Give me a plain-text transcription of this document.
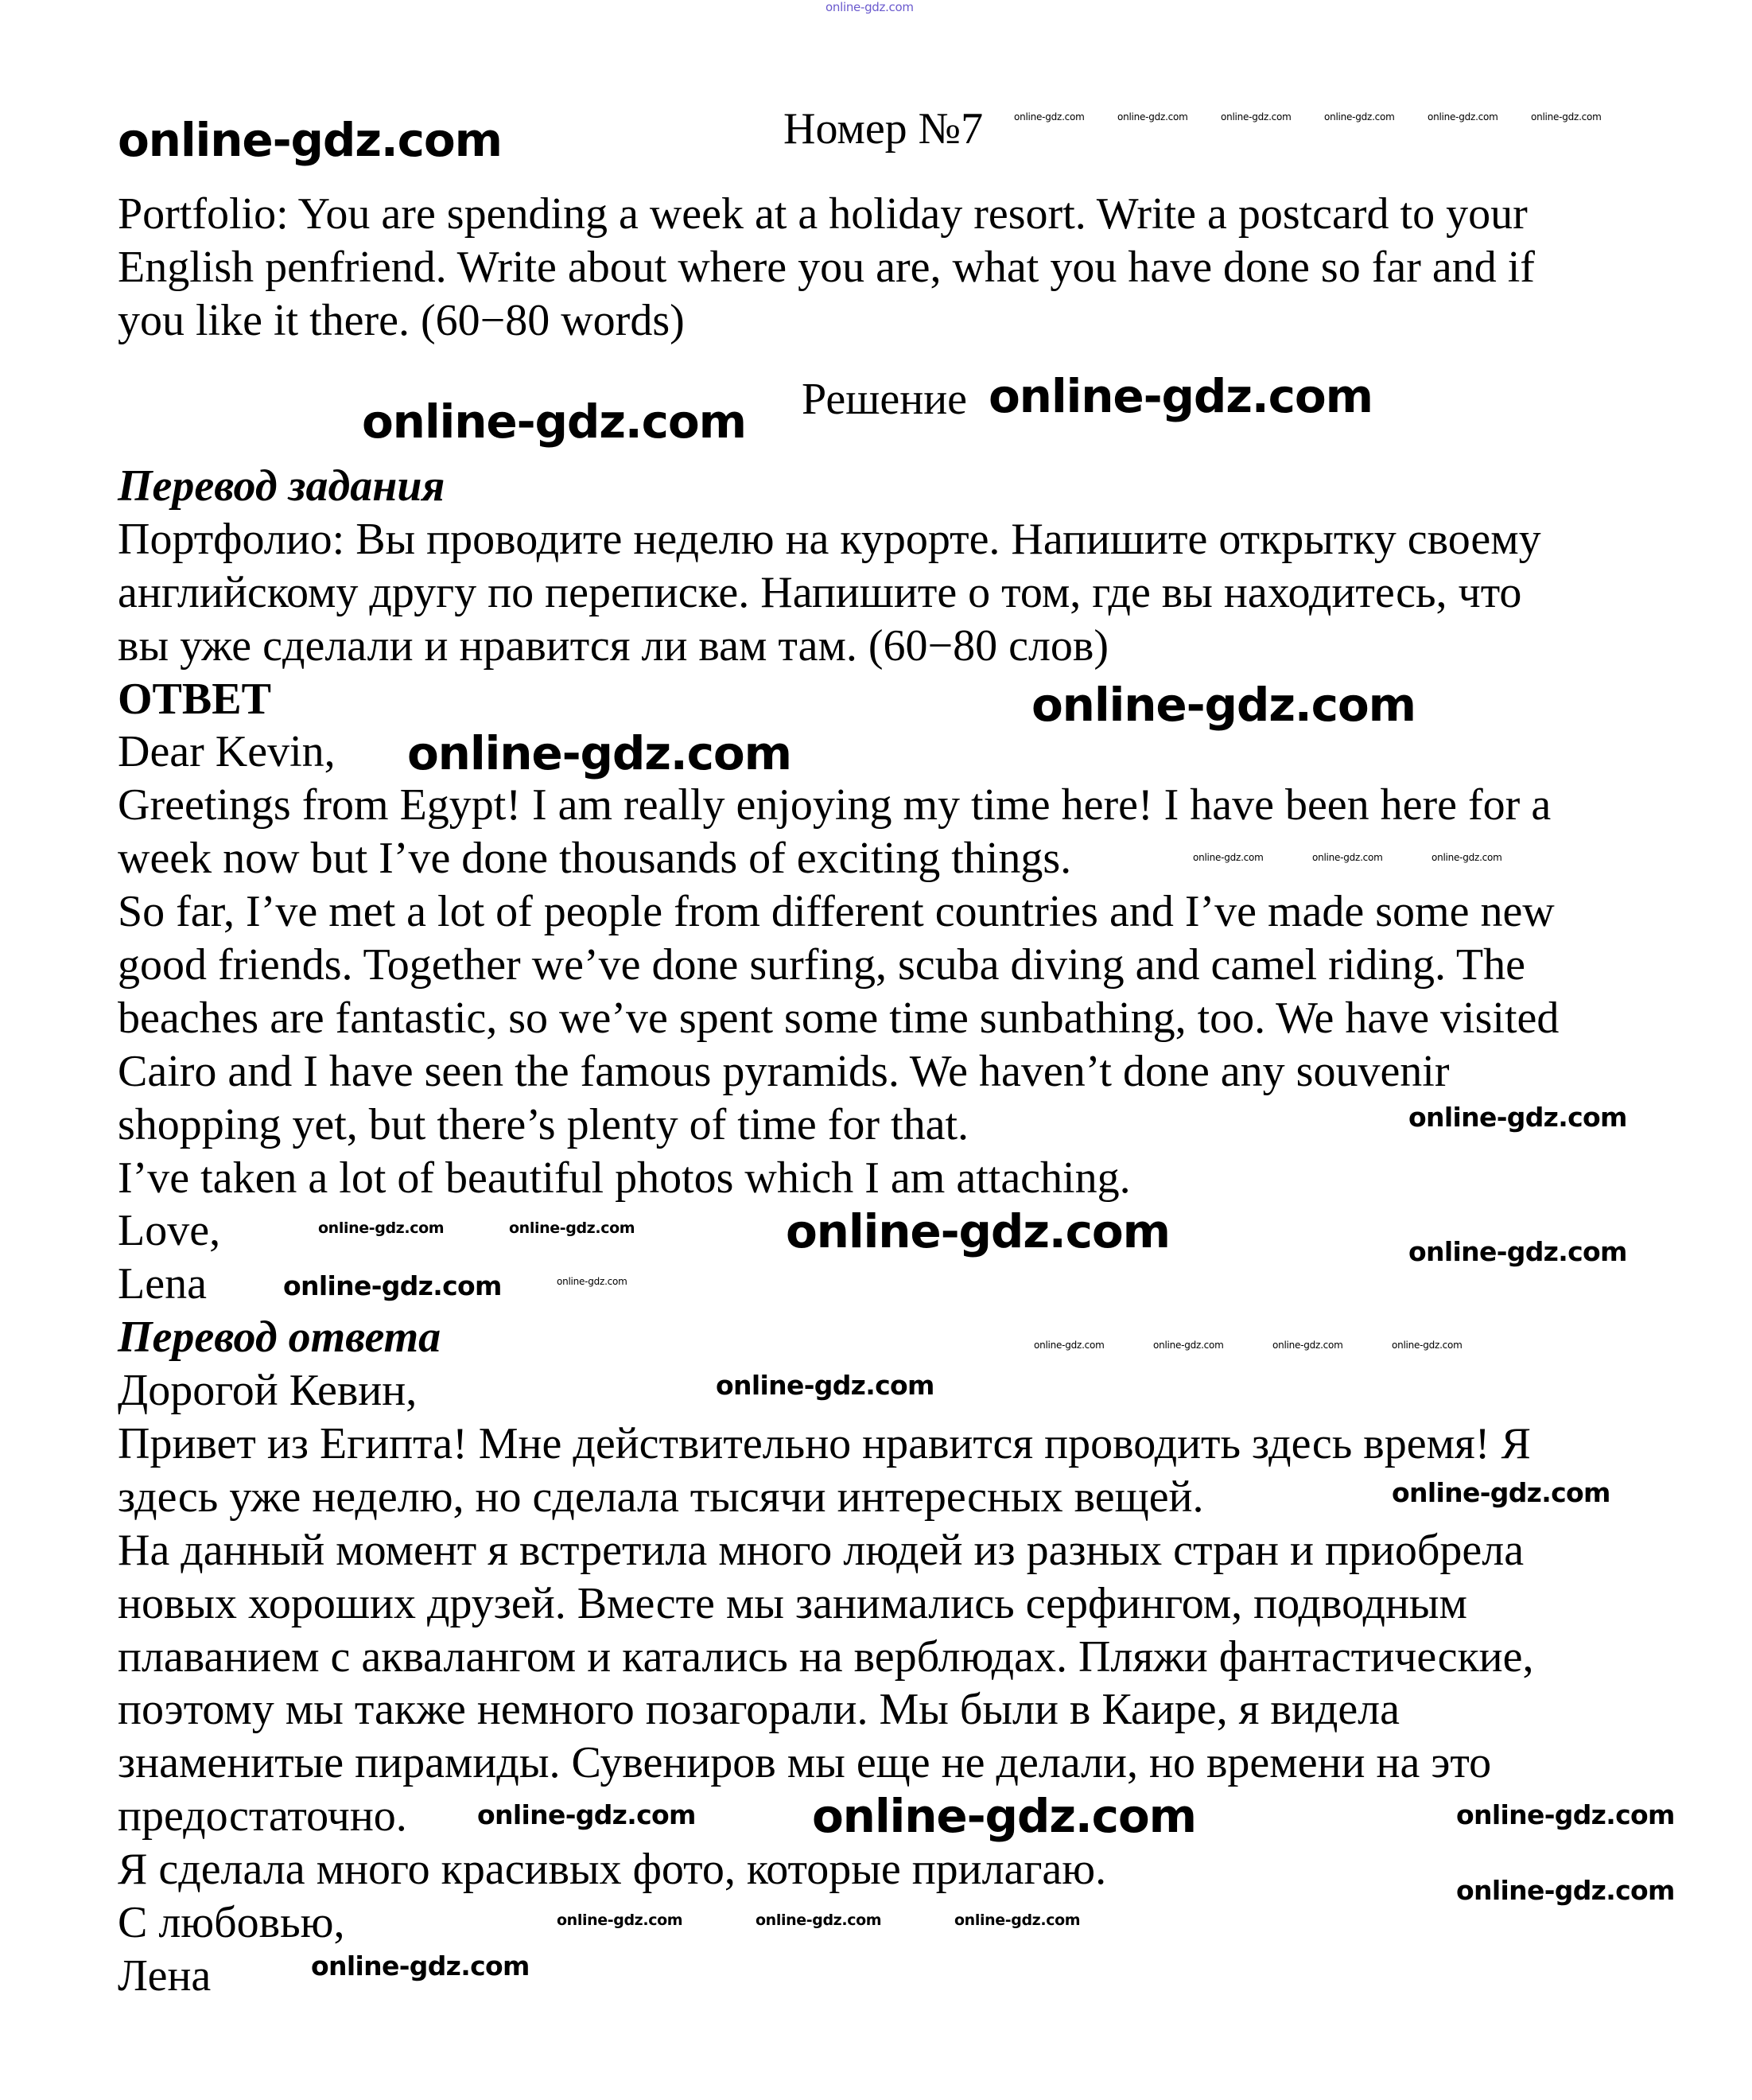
online-gdz.com
online-gdz.com	Номер №7	online-gdz.com	online-gdz.com	online-gdz.com	online-gdz.com	online-gdz.com	online-gdz.com
Portfolio: You are spending a week at a holiday resort. Write a postcard to your
English penfriend. Write about where you are, what you have done so far and if
you like it there. (60−80 words)
Решение
Перевод задания
Портфолио: Вы проводите неделю на курорте. Напишите открытку своему
английскому другу по переписке. Напишите о том, где вы находитесь, что
вы уже сделали и нравится ли вам там. (60−80 слов)
ОТВЕТ
Dear Kevin,
Greetings from Egypt! I am really enjoying my time here! I have been here for a
week now but I’ve done thousands of exciting things.
So far, I’ve met a lot of people from different countries and I’ve made some new
good friends. Together we’ve done surfing, scuba diving and camel riding. The
beaches are fantastic, so we’ve spent some time sunbathing, too. We have visited
Cairo and I have seen the famous pyramids. We haven’t done any souvenir
shopping yet, but there’s plenty of time for that.
I’ve taken a lot of beautiful photos which I am attaching.
Love,
Lena
Перевод ответа
Дорогой Кевин,
Привет из Египта! Мне действительно нравится проводить здесь время! Я
здесь уже неделю, но сделала тысячи интересных вещей.
На данный момент я встретила много людей из разных стран и приобрела
новых хороших друзей. Вместе мы занимались серфингом, подводным
плаванием с аквалангом и катались на верблюдах. Пляжи фантастические,
поэтому мы также немного позагорали. Мы были в Каире, я видела
знаменитые пирамиды. Сувениров мы еще не делали, но времени на это
предостаточно.
Я сделала много красивых фото, которые прилагаю.
С любовью,
Лена
online-gdz.com
online-gdz.com
online-gdz.com
online-gdz.com
online-gdz.com
online-gdz.com
online-gdz.com
online-gdz.com
online-gdz.com
online-gdz.com
online-gdz.com
online-gdz.com	online-gdz.com
online-gdz.com
online-gdz.com
online-gdz.com	online-gdz.com
online-gdz.com	online-gdz.com	online-gdz.com
online-gdz.com
online-gdz.com	online-gdz.com
online-gdz.com	online-gdz.com	online-gdz.com
online-gdz.com	online-gdz.com
